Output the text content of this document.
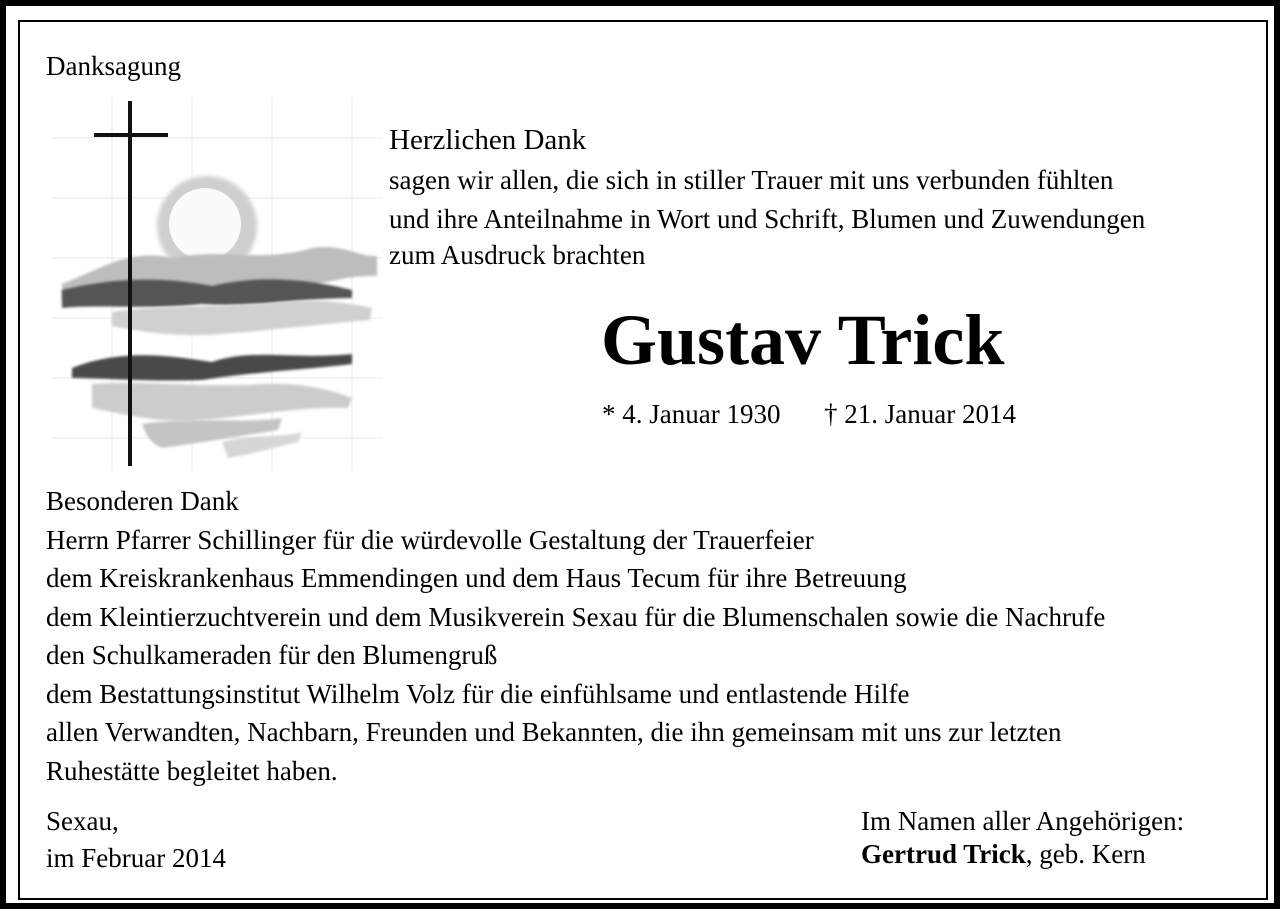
Danksagung
Herzlichen Dank
sagen wir allen, die sich in stiller Trauer mit uns verbunden fühlten
und ihre Anteilnahme in Wort und Schrift, Blumen und Zuwendungen
zum Ausdruck brachten
Gustav Trick
* 4. Januar 1930 † 21. Januar 2014
Besonderen Dank
Herrn Pfarrer Schillinger für die würdevolle Gestaltung der Trauerfeier
dem Kreiskrankenhaus Emmendingen und dem Haus Tecum für ihre Betreuung
dem Kleintierzuchtverein und dem Musikverein Sexau für die Blumenschalen sowie die Nachrufe
den Schulkameraden für den Blumengruß
dem Bestattungsinstitut Wilhelm Volz für die einfühlsame und entlastende Hilfe
allen Verwandten, Nachbarn, Freunden und Bekannten, die ihn gemeinsam mit uns zur letzten
Ruhestätte begleitet haben.
Sexau,
im Februar 2014
Im Namen aller Angehörigen:
Gertrud Trick, geb. Kern
